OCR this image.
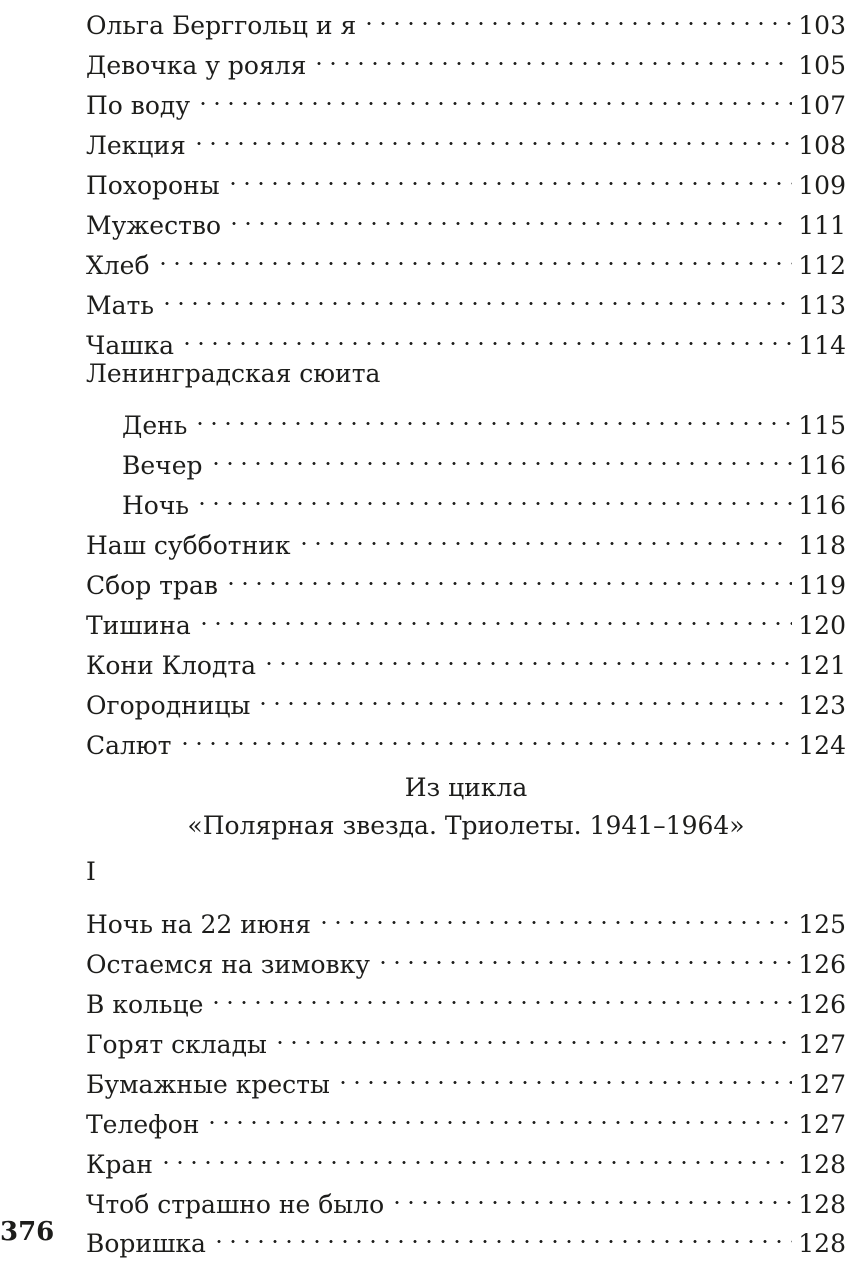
Ольга Берггольц и я	103
Девочка у рояля	105
По воду	107
Лекция	108
Похороны	109
Мужество	111
Хлеб	112
Мать	113
Чашка	114
Ленинградская сюита
День	115
Вечер	116
Ночь	116
Наш субботник	118
Сбор трав	119
Тишина	120
Кони Клодта	121
Огородницы	123
Салют	124
Из цикла
«Полярная звезда. Триолеты. 1941–1964»
I
Ночь на 22 июня	125
Остаемся на зимовку	126
В кольце	126
Горят склады	127
Бумажные кресты	127
Телефон	127
Кран	128
Чтоб страшно не было	128
Воришка	128
376
